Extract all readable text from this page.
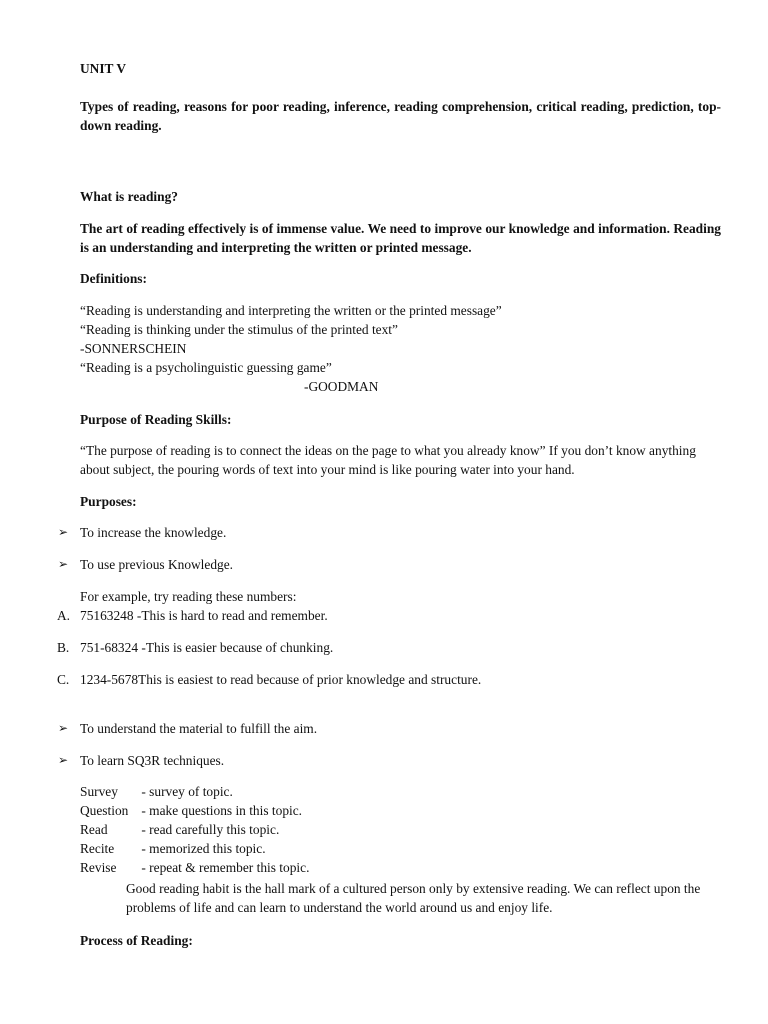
UNIT V

Types of reading, reasons for poor reading, inference, reading comprehension, critical reading, prediction, top-down reading.

What is reading?

The art of reading effectively is of immense value. We need to improve our knowledge and information. Reading is an understanding and interpreting the written or printed message.

Definitions:

“Reading is understanding and interpreting the written or the printed message”
“Reading is thinking under the stimulus of the printed text”
-SONNERSCHEIN
“Reading is a psycholinguistic guessing game”
-GOODMAN

Purpose of Reading Skills:

“The purpose of reading is to connect the ideas on the page to what you already know” If you don’t know anything about subject, the pouring words of text into your mind is like pouring water into your hand.

Purposes:

➢ To increase the knowledge.

➢ To use previous Knowledge.

For example, try reading these numbers:

A. 75163248 -This is hard to read and remember.

B. 751-68324 -This is easier because of chunking.

C. 1234-5678This is easiest to read because of prior knowledge and structure.

➢ To understand the material to fulfill the aim.

➢ To learn SQ3R techniques.

Survey - survey of topic.
Question - make questions in this topic.
Read	- read carefully this topic.
Recite - memorized this topic.
Revise - repeat & remember this topic.

Good reading habit is the hall mark of a cultured person only by extensive reading. We can reflect upon the problems of life and can learn to understand the world around us and enjoy life.

Process of Reading:
